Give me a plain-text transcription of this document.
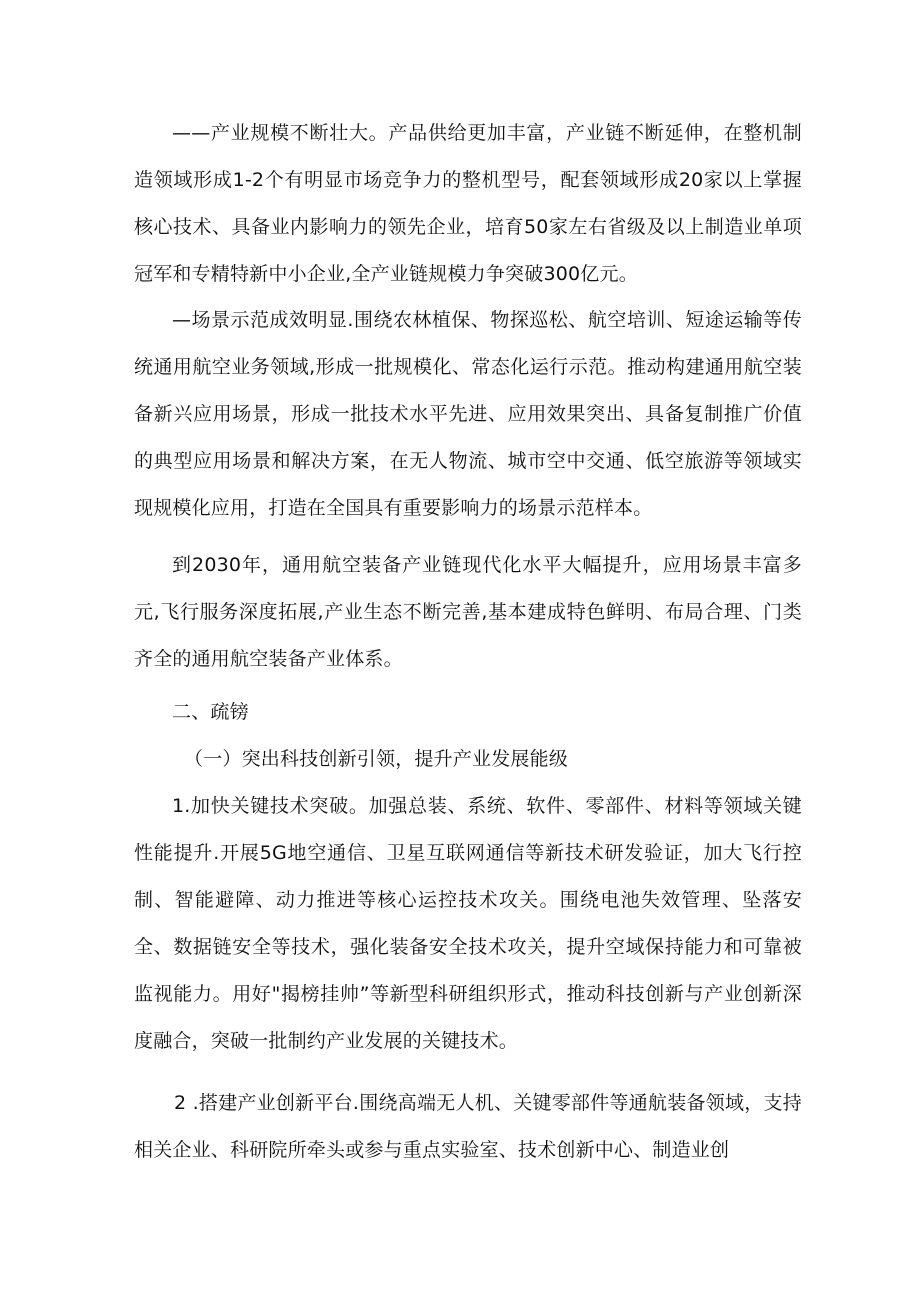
——产业规模不断壮大。产品供给更加丰富，产业链不断延伸，在整机制造领域形成1-2个有明显市场竞争力的整机型号，配套领域形成20家以上掌握核心技术、具备业内影响力的领先企业，培育50家左右省级及以上制造业单项冠军和专精特新中小企业,全产业链规模力争突破300亿元。

—场景示范成效明显.围绕农林植保、物探巡松、航空培训、短途运输等传统通用航空业务领域,形成一批规模化、常态化运行示范。推动构建通用航空装备新兴应用场景，形成一批技术水平先进、应用效果突出、具备复制推广价值的典型应用场景和解决方案，在无人物流、城市空中交通、低空旅游等领域实现规模化应用，打造在全国具有重要影响力的场景示范样本。

到2030年，通用航空装备产业链现代化水平大幅提升，应用场景丰富多元,飞行服务深度拓展,产业生态不断完善,基本建成特色鲜明、布局合理、门类齐全的通用航空装备产业体系。

二、疏镑

（一）突出科技创新引领，提升产业发展能级

1.加快关键技术突破。加强总装、系统、软件、零部件、材料等领域关键性能提升.开展5G地空通信、卫星互联网通信等新技术研发验证，加大飞行控制、智能避障、动力推进等核心运控技术攻关。围绕电池失效管理、坠落安全、数据链安全等技术，强化装备安全技术攻关，提升空域保持能力和可靠被监视能力。用好"揭榜挂帅”等新型科研组织形式，推动科技创新与产业创新深度融合，突破一批制约产业发展的关键技术。

2 .搭建产业创新平台.围绕高端无人机、关键零部件等通航装备领域，支持相关企业、科研院所牵头或参与重点实验室、技术创新中心、制造业创
